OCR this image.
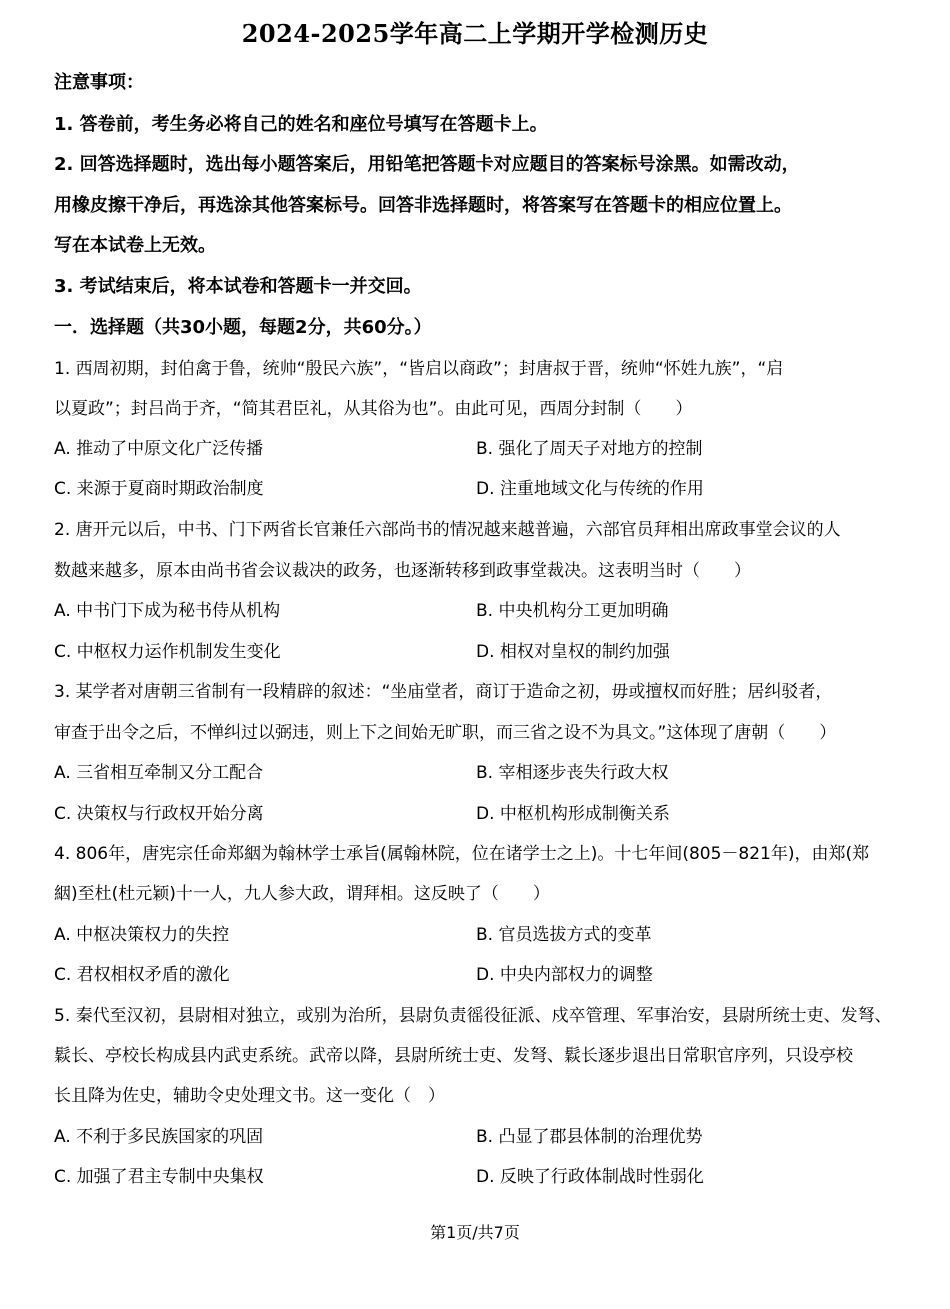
2024-2025学年高二上学期开学检测历史
注意事项：
1. 答卷前，考生务必将自己的姓名和座位号填写在答题卡上。
2. 回答选择题时，选出每小题答案后，用铅笔把答题卡对应题目的答案标号涂黑。如需改动，
用橡皮擦干净后，再选涂其他答案标号。回答非选择题时，将答案写在答题卡的相应位置上。
写在本试卷上无效。
3. 考试结束后，将本试卷和答题卡一并交回。
一．选择题（共30小题，每题2分，共60分。）
1. 西周初期，封伯禽于鲁，统帅“殷民六族”，“皆启以商政”；封唐叔于晋，统帅“怀姓九族”，“启
以夏政”；封吕尚于齐，“简其君臣礼，从其俗为也”。由此可见，西周分封制（　　）
A. 推动了中原文化广泛传播	B. 强化了周天子对地方的控制
C. 来源于夏商时期政治制度	D. 注重地域文化与传统的作用
2. 唐开元以后，中书、门下两省长官兼任六部尚书的情况越来越普遍，六部官员拜相出席政事堂会议的人
数越来越多，原本由尚书省会议裁决的政务，也逐渐转移到政事堂裁决。这表明当时（　　）
A. 中书门下成为秘书侍从机构	B. 中央机构分工更加明确
C. 中枢权力运作机制发生变化	D. 相权对皇权的制约加强
3. 某学者对唐朝三省制有一段精辟的叙述：“坐庙堂者，商订于造命之初，毋或擅权而好胜；居纠驳者，
审查于出令之后，不惮纠过以弼违，则上下之间始无旷职，而三省之设不为具文。”这体现了唐朝（　　）
A. 三省相互牵制又分工配合	B. 宰相逐步丧失行政大权
C. 决策权与行政权开始分离	D. 中枢机构形成制衡关系
4. 806年，唐宪宗任命郑絪为翰林学士承旨(属翰林院，位在诸学士之上)。十七年间(805－821年)，由郑(郑
絪)至杜(杜元颖)十一人，九人参大政，谓拜相。这反映了（　　）
A. 中枢决策权力的失控	B. 官员选拔方式的变革
C. 君权相权矛盾的激化	D. 中央内部权力的调整
5. 秦代至汉初，县尉相对独立，或别为治所，县尉负责徭役征派、戍卒管理、军事治安，县尉所统士吏、发弩、
鬏长、亭校长构成县内武吏系统。武帝以降，县尉所统士吏、发弩、鬏长逐步退出日常职官序列，只设亭校
长且降为佐史，辅助令史处理文书。这一变化（　）
A. 不利于多民族国家的巩固	B. 凸显了郡县体制的治理优势
C. 加强了君主专制中央集权	D. 反映了行政体制战时性弱化
第1页/共7页
